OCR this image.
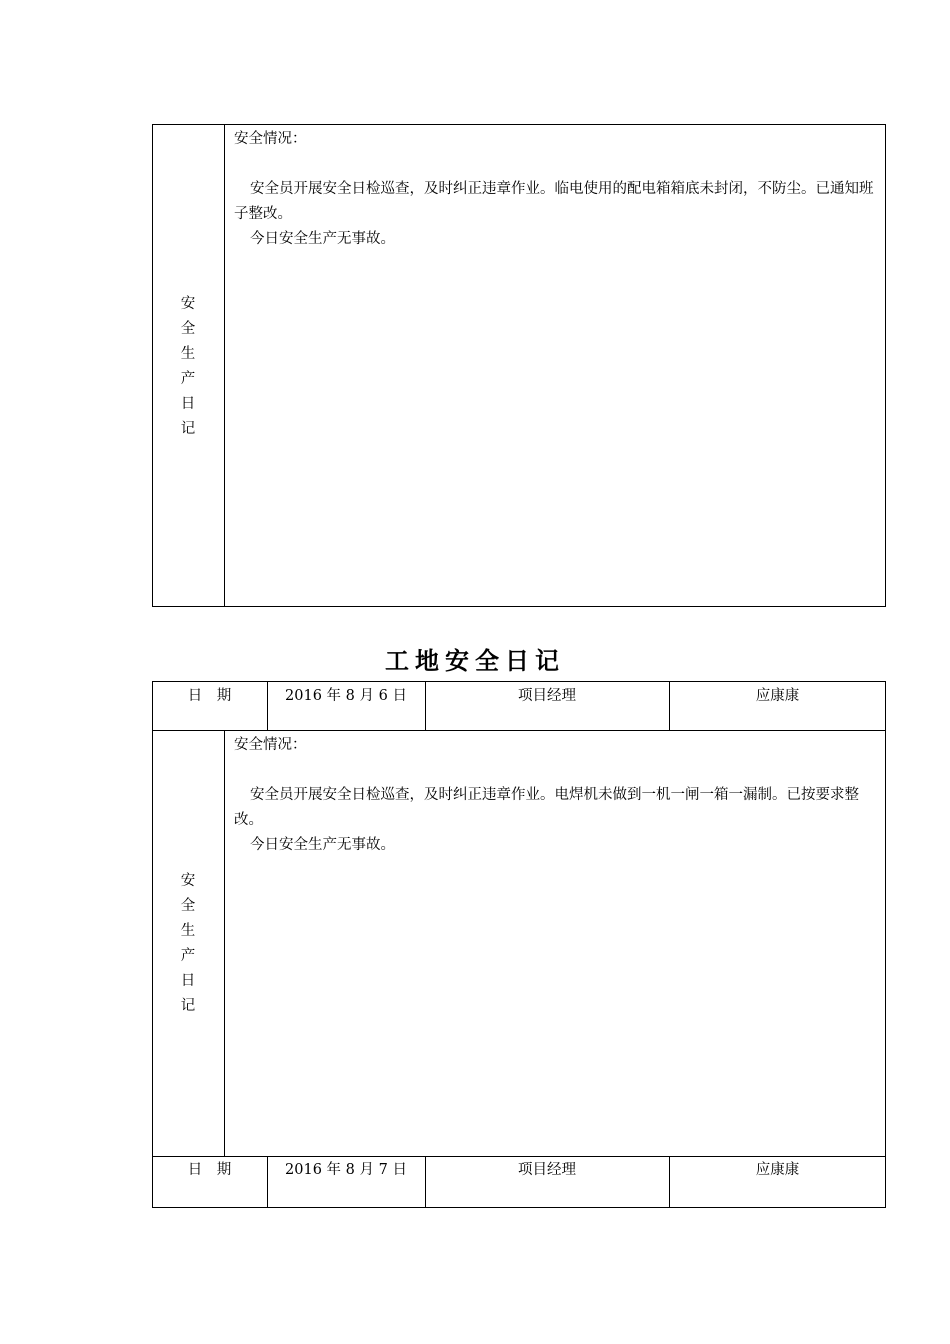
安
全
生
产
日
记

安全情况：

安全员开展安全日检巡查，及时纠正违章作业。临电使用的配电箱箱底未封闭，不防尘。已通知班子整改。

今日安全生产无事故。

工地安全日记
日　期	2016 年 8 月 6 日	项目经理	应康康
安
全
生
产
日
记

安全情况：

安全员开展安全日检巡查，及时纠正违章作业。电焊机未做到一机一闸一箱一漏制。已按要求整改。

今日安全生产无事故。

日　期	2016 年 8 月 7 日	项目经理	应康康
